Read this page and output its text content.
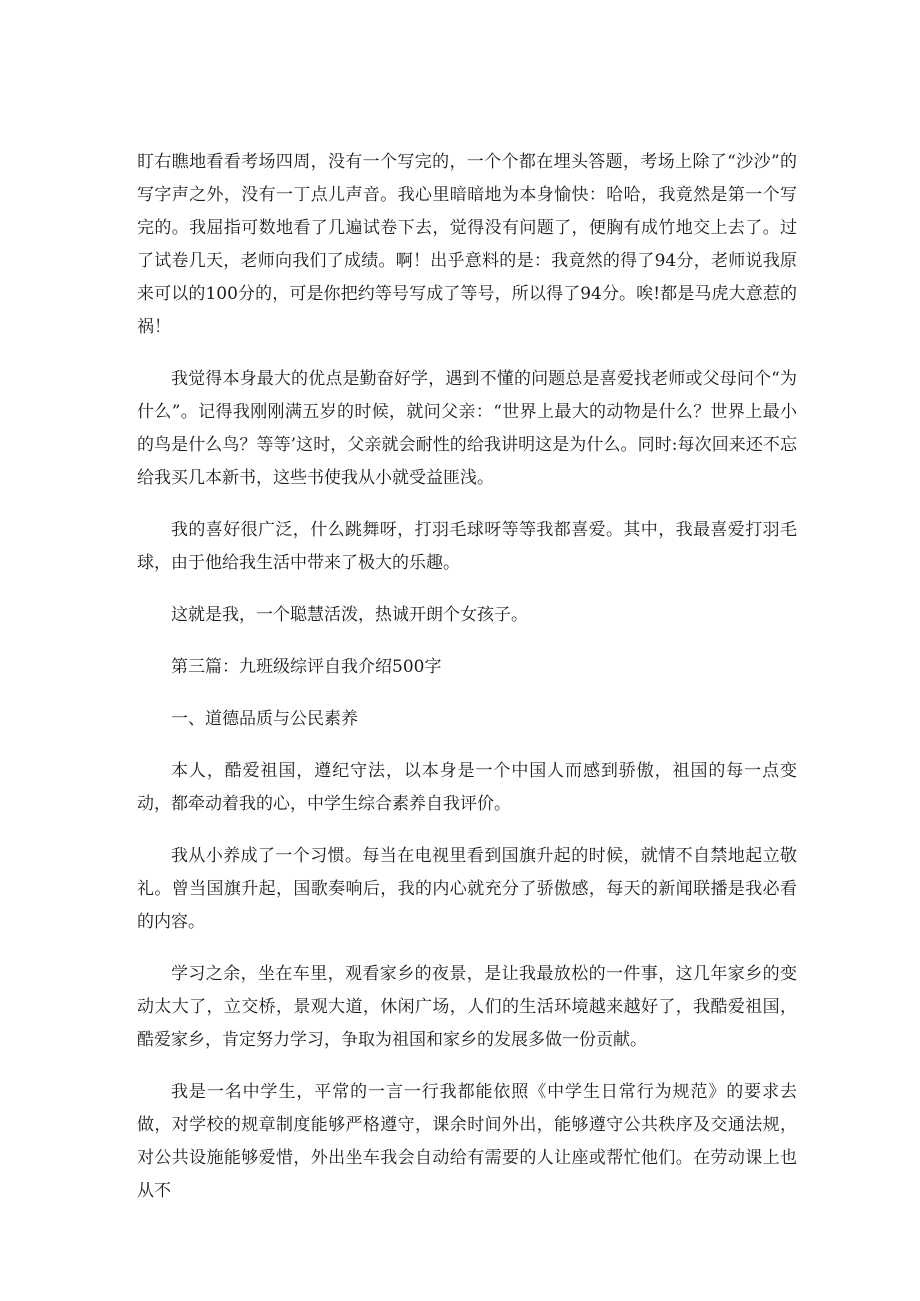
盯右瞧地看看考场四周，没有一个写完的，一个个都在埋头答题，考场上除了“沙沙”的写字声之外，没有一丁点儿声音。我心里暗暗地为本身愉快：哈哈，我竟然是第一个写完的。我屈指可数地看了几遍试卷下去，觉得没有问题了，便胸有成竹地交上去了。过了试卷几天，老师向我们了成绩。啊！出乎意料的是：我竟然的得了94分，老师说我原来可以的100分的，可是你把约等号写成了等号，所以得了94分。唉!都是马虎大意惹的祸！

我觉得本身最大的优点是勤奋好学，遇到不懂的问题总是喜爱找老师或父母问个“为什么”。记得我刚刚满五岁的时候，就问父亲：“世界上最大的动物是什么？世界上最小的鸟是什么鸟？等等’这时，父亲就会耐性的给我讲明这是为什么。同时:每次回来还不忘给我买几本新书，这些书使我从小就受益匪浅。

我的喜好很广泛，什么跳舞呀，打羽毛球呀等等我都喜爱。其中，我最喜爱打羽毛球，由于他给我生活中带来了极大的乐趣。

这就是我，一个聪慧活泼，热诚开朗个女孩子。

第三篇：九班级综评自我介绍500字

一、道德品质与公民素养

本人，酷爱祖国，遵纪守法，以本身是一个中国人而感到骄傲，祖国的每一点变动，都牵动着我的心，中学生综合素养自我评价。

我从小养成了一个习惯。每当在电视里看到国旗升起的时候，就情不自禁地起立敬礼。曾当国旗升起，国歌奏响后，我的内心就充分了骄傲感，每天的新闻联播是我必看的内容。

学习之余，坐在车里，观看家乡的夜景，是让我最放松的一件事，这几年家乡的变动太大了，立交桥，景观大道，休闲广场，人们的生活环境越来越好了，我酷爱祖国，酷爱家乡，肯定努力学习，争取为祖国和家乡的发展多做一份贡献。

我是一名中学生，平常的一言一行我都能依照《中学生日常行为规范》的要求去做，对学校的规章制度能够严格遵守，课余时间外出，能够遵守公共秩序及交通法规，对公共设施能够爱惜，外出坐车我会自动给有需要的人让座或帮忙他们。在劳动课上也从不
